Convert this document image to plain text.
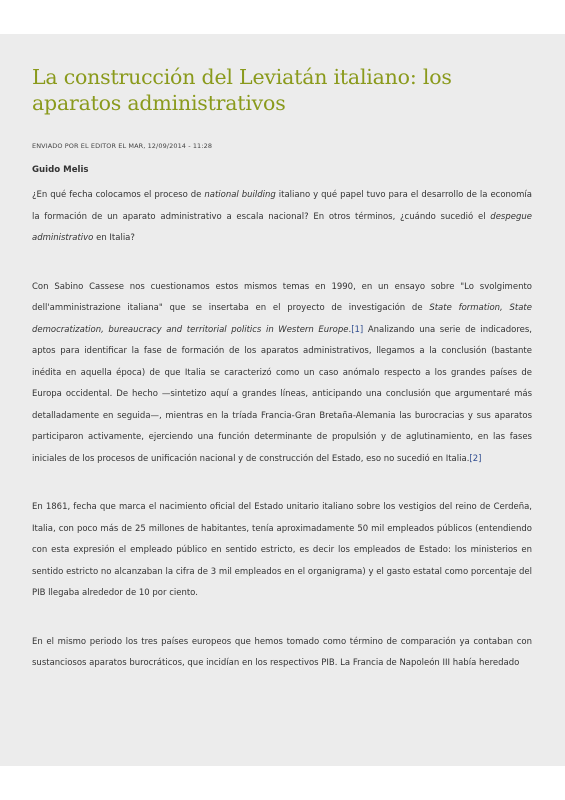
La construcción del Leviatán italiano: los aparatos administrativos
ENVIADO POR EL EDITOR EL MAR, 12/09/2014 - 11:28
Guido Melis

¿En qué fecha colocamos el proceso de national building italiano y qué papel tuvo para el desarrollo de la economía la formación de un aparato administrativo a escala nacional? En otros términos, ¿cuándo sucedió el despegue administrativo en Italia?

Con Sabino Cassese nos cuestionamos estos mismos temas en 1990, en un ensayo sobre "Lo svolgimento dell'amministrazione italiana" que se insertaba en el proyecto de investigación de State formation, State democratization, bureaucracy and territorial politics in Western Europe.[1] Analizando una serie de indicadores, aptos para identificar la fase de formación de los aparatos administrativos, llegamos a la conclusión (bastante inédita en aquella época) de que Italia se caracterizó como un caso anómalo respecto a los grandes países de Europa occidental. De hecho —sintetizo aquí a grandes líneas, anticipando una conclusión que argumentaré más detalladamente en seguida—, mientras en la tríada Francia-Gran Bretaña-Alemania las burocracias y sus aparatos participaron activamente, ejerciendo una función determinante de propulsión y de aglutinamiento, en las fases iniciales de los procesos de unificación nacional y de construcción del Estado, eso no sucedió en Italia.[2]

En 1861, fecha que marca el nacimiento oficial del Estado unitario italiano sobre los vestigios del reino de Cerdeña, Italia, con poco más de 25 millones de habitantes, tenía aproximadamente 50 mil empleados públicos (entendiendo con esta expresión el empleado público en sentido estricto, es decir los empleados de Estado: los ministerios en sentido estricto no alcanzaban la cifra de 3 mil empleados en el organigrama) y el gasto estatal como porcentaje del PIB llegaba alrededor de 10 por ciento.

En el mismo periodo los tres países europeos que hemos tomado como término de comparación ya contaban con sustanciosos aparatos burocráticos, que incidían en los respectivos PIB. La Francia de Napoleón III había heredado
